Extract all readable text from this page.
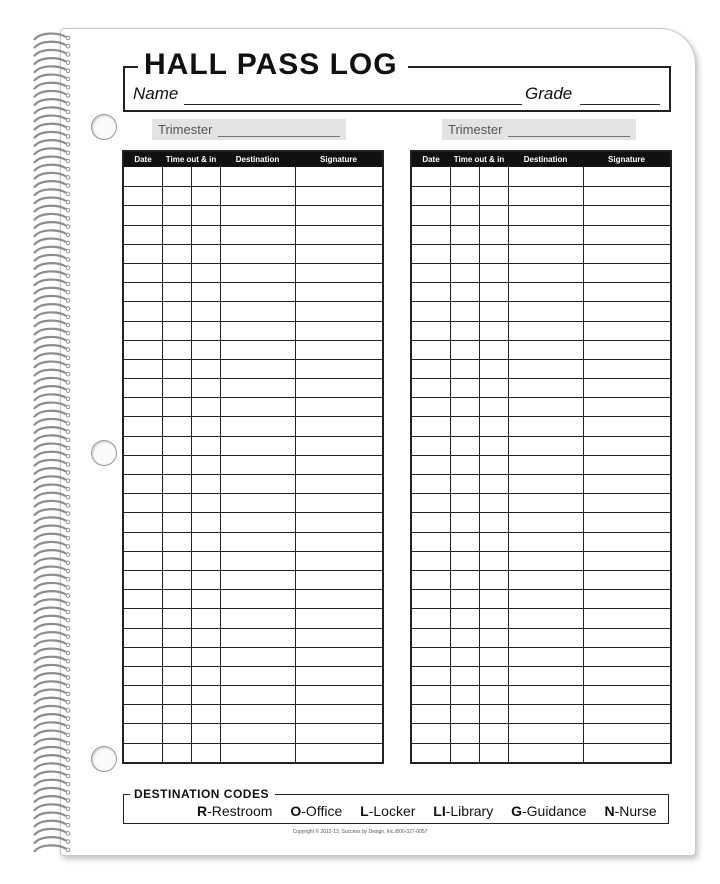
HALL PASS LOG
Name	Grade
Trimester	Trimester
Date	Time out & in	Destination	Signature	Date	Time out & in	Destination	Signature
DESTINATION CODES
R-Restroom O-Office L-Locker LI-Library G-Guidance N-Nurse
Copyright © 2012-13, Success by Design, Inc./800-327-0057
